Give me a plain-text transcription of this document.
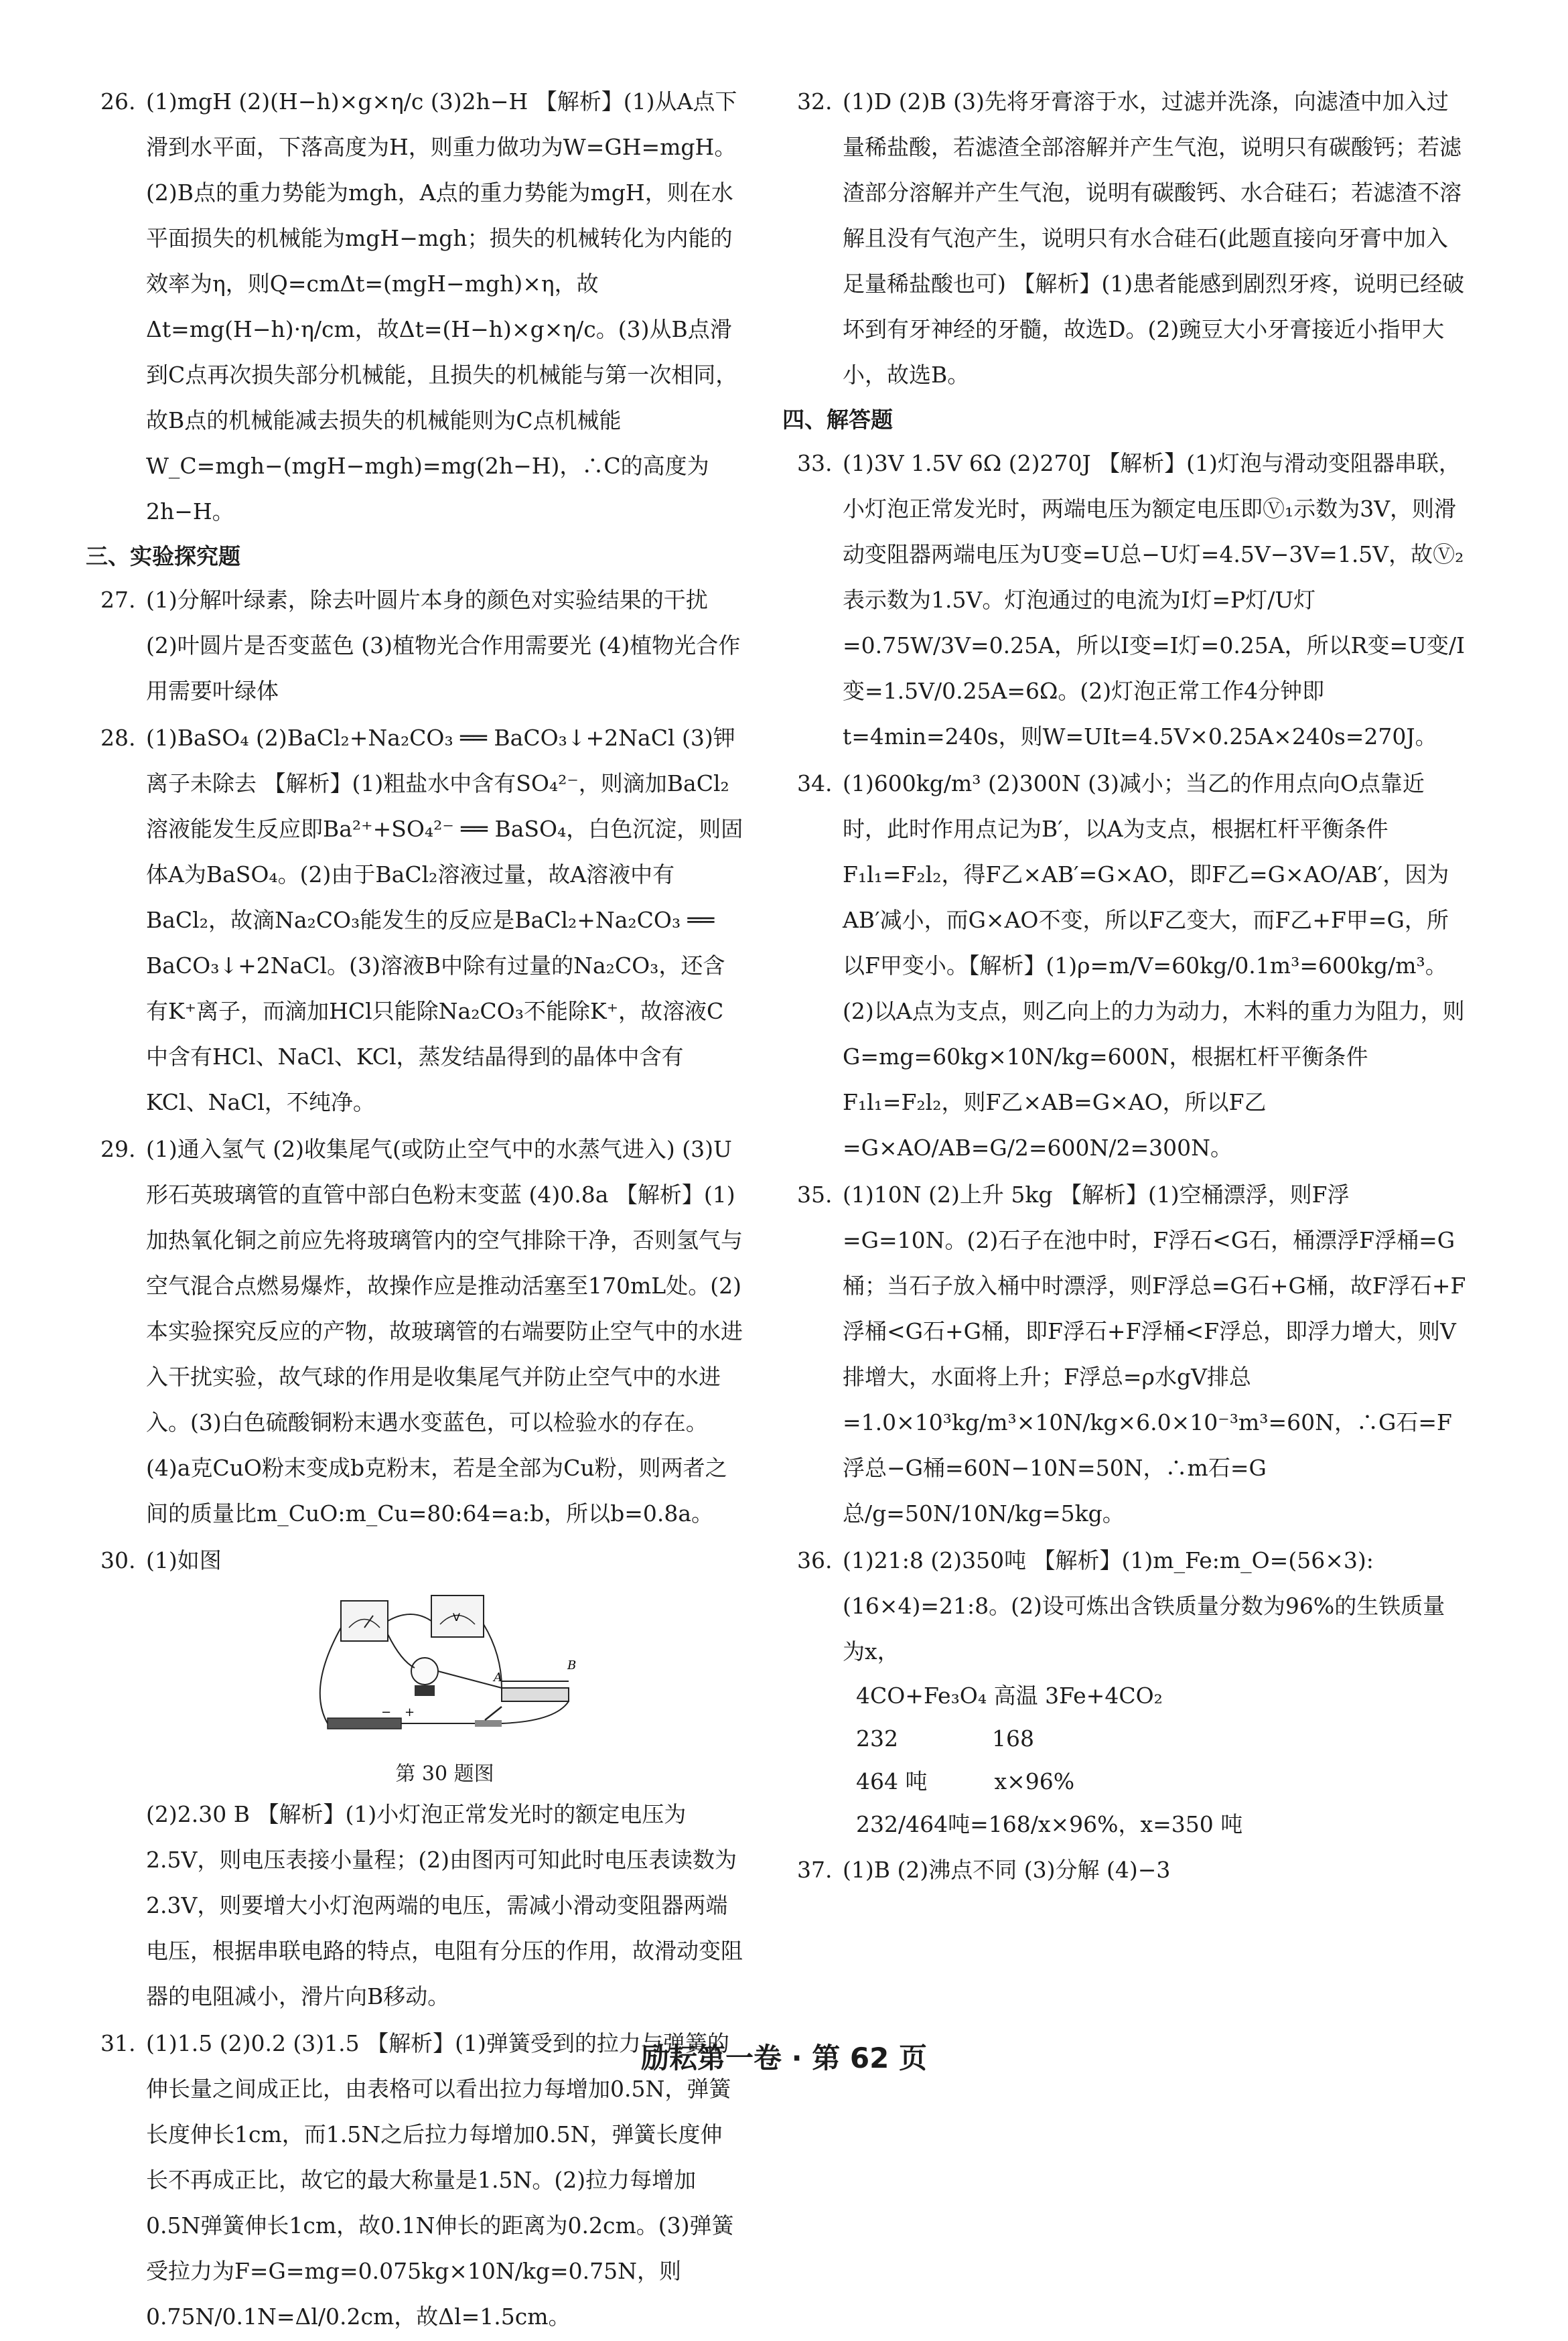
26. (1)mgH (2)(H−h)×g×η/c (3)2h−H 【解析】(1)从A点下滑到水平面，下落高度为H，则重力做功为W=GH=mgH。(2)B点的重力势能为mgh，A点的重力势能为mgH，则在水平面损失的机械能为mgH−mgh；损失的机械转化为内能的效率为η，则Q=cmΔt=(mgH−mgh)×η，故Δt=mg(H−h)·η/cm，故Δt=(H−h)×g×η/c。(3)从B点滑到C点再次损失部分机械能，且损失的机械能与第一次相同，故B点的机械能减去损失的机械能则为C点机械能W_C=mgh−(mgH−mgh)=mg(2h−H)，∴C的高度为2h−H。

三、实验探究题
27. (1)分解叶绿素，除去叶圆片本身的颜色对实验结果的干扰 (2)叶圆片是否变蓝色 (3)植物光合作用需要光 (4)植物光合作用需要叶绿体

28. (1)BaSO₄ (2)BaCl₂+Na₂CO₃ ══ BaCO₃↓+2NaCl (3)钾离子未除去 【解析】(1)粗盐水中含有SO₄²⁻，则滴加BaCl₂溶液能发生反应即Ba²⁺+SO₄²⁻ ══ BaSO₄，白色沉淀，则固体A为BaSO₄。(2)由于BaCl₂溶液过量，故A溶液中有BaCl₂，故滴Na₂CO₃能发生的反应是BaCl₂+Na₂CO₃ ══ BaCO₃↓+2NaCl。(3)溶液B中除有过量的Na₂CO₃，还含有K⁺离子，而滴加HCl只能除Na₂CO₃不能除K⁺，故溶液C中含有HCl、NaCl、KCl，蒸发结晶得到的晶体中含有KCl、NaCl，不纯净。

29. (1)通入氢气 (2)收集尾气(或防止空气中的水蒸气进入) (3)U形石英玻璃管的直管中部白色粉末变蓝 (4)0.8a 【解析】(1)加热氧化铜之前应先将玻璃管内的空气排除干净，否则氢气与空气混合点燃易爆炸，故操作应是推动活塞至170mL处。(2)本实验探究反应的产物，故玻璃管的右端要防止空气中的水进入干扰实验，故气球的作用是收集尾气并防止空气中的水进入。(3)白色硫酸铜粉末遇水变蓝色，可以检验水的存在。(4)a克CuO粉末变成b克粉末，若是全部为Cu粉，则两者之间的质量比m_CuO:m_Cu=80:64=a:b，所以b=0.8a。

30. (1)如图

V
A
B
− +
第 30 题图

(2)2.30 B 【解析】(1)小灯泡正常发光时的额定电压为2.5V，则电压表接小量程；(2)由图丙可知此时电压表读数为2.3V，则要增大小灯泡两端的电压，需减小滑动变阻器两端电压，根据串联电路的特点，电阻有分压的作用，故滑动变阻器的电阻减小，滑片向B移动。

31. (1)1.5 (2)0.2 (3)1.5 【解析】(1)弹簧受到的拉力与弹簧的伸长量之间成正比，由表格可以看出拉力每增加0.5N，弹簧长度伸长1cm，而1.5N之后拉力每增加0.5N，弹簧长度伸长不再成正比，故它的最大称量是1.5N。(2)拉力每增加0.5N弹簧伸长1cm，故0.1N伸长的距离为0.2cm。(3)弹簧受拉力为F=G=mg=0.075kg×10N/kg=0.75N，则0.75N/0.1N=Δl/0.2cm，故Δl=1.5cm。

32. (1)D (2)B (3)先将牙膏溶于水，过滤并洗涤，向滤渣中加入过量稀盐酸，若滤渣全部溶解并产生气泡，说明只有碳酸钙；若滤渣部分溶解并产生气泡，说明有碳酸钙、水合硅石；若滤渣不溶解且没有气泡产生，说明只有水合硅石(此题直接向牙膏中加入足量稀盐酸也可) 【解析】(1)患者能感到剧烈牙疼，说明已经破坏到有牙神经的牙髓，故选D。(2)豌豆大小牙膏接近小指甲大小，故选B。

四、解答题
33. (1)3V 1.5V 6Ω (2)270J 【解析】(1)灯泡与滑动变阻器串联，小灯泡正常发光时，两端电压为额定电压即Ⓥ₁示数为3V，则滑动变阻器两端电压为U变=U总−U灯=4.5V−3V=1.5V，故Ⓥ₂表示数为1.5V。灯泡通过的电流为I灯=P灯/U灯=0.75W/3V=0.25A，所以I变=I灯=0.25A，所以R变=U变/I变=1.5V/0.25A=6Ω。(2)灯泡正常工作4分钟即t=4min=240s，则W=UIt=4.5V×0.25A×240s=270J。

34. (1)600kg/m³ (2)300N (3)减小；当乙的作用点向O点靠近时，此时作用点记为B′，以A为支点，根据杠杆平衡条件F₁l₁=F₂l₂，得F乙×AB′=G×AO，即F乙=G×AO/AB′，因为AB′减小，而G×AO不变，所以F乙变大，而F乙+F甲=G，所以F甲变小。【解析】(1)ρ=m/V=60kg/0.1m³=600kg/m³。(2)以A点为支点，则乙向上的力为动力，木料的重力为阻力，则G=mg=60kg×10N/kg=600N，根据杠杆平衡条件F₁l₁=F₂l₂，则F乙×AB=G×AO，所以F乙=G×AO/AB=G/2=600N/2=300N。

35. (1)10N (2)上升 5kg 【解析】(1)空桶漂浮，则F浮=G=10N。(2)石子在池中时，F浮石<G石，桶漂浮F浮桶=G桶；当石子放入桶中时漂浮，则F浮总=G石+G桶，故F浮石+F浮桶<G石+G桶，即F浮石+F浮桶<F浮总，即浮力增大，则V排增大，水面将上升；F浮总=ρ水gV排总=1.0×10³kg/m³×10N/kg×6.0×10⁻³m³=60N，∴G石=F浮总−G桶=60N−10N=50N，∴m石=G总/g=50N/10N/kg=5kg。

36. (1)21:8 (2)350吨 【解析】(1)m_Fe:m_O=(56×3):(16×4)=21:8。(2)设可炼出含铁质量分数为96%的生铁质量为x，

4CO+Fe₃O₄ 高温 3Fe+4CO₂
232	168
464 吨	x×96%
232/464吨=168/x×96%，x=350 吨
37. (1)B (2)沸点不同 (3)分解 (4)−3

励耘第一卷 · 第 62 页
